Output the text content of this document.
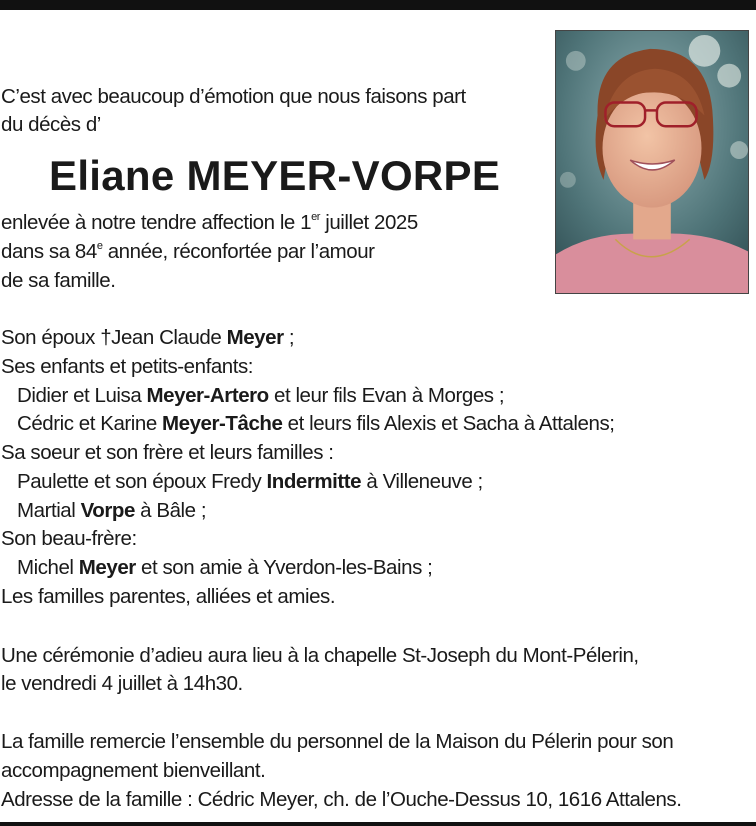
C’est avec beaucoup d’émotion que nous faisons part

du décès d’

Eliane MEYER-VORPE

enlevée à notre tendre affection le 1er juillet 2025

dans sa 84e année, réconfortée par l’amour

de sa famille.

Son époux †Jean Claude Meyer ;

Ses enfants et petits-enfants:

Didier et Luisa Meyer-Artero et leur fils Evan à Morges ;

Cédric et Karine Meyer-Tâche et leurs fils Alexis et Sacha à Attalens;

Sa soeur et son frère et leurs familles :

Paulette et son époux Fredy Indermitte à Villeneuve ;

Martial Vorpe à Bâle ;

Son beau-frère:

Michel Meyer et son amie à Yverdon-les-Bains ;

Les familles parentes, alliées et amies.

Une cérémonie d’adieu aura lieu à la chapelle St-Joseph du Mont-Pélerin,

le vendredi 4 juillet à 14h30.

La famille remercie l’ensemble du personnel de la Maison du Pélerin pour son

accompagnement bienveillant.

Adresse de la famille : Cédric Meyer, ch. de l’Ouche-Dessus 10, 1616 Attalens.
